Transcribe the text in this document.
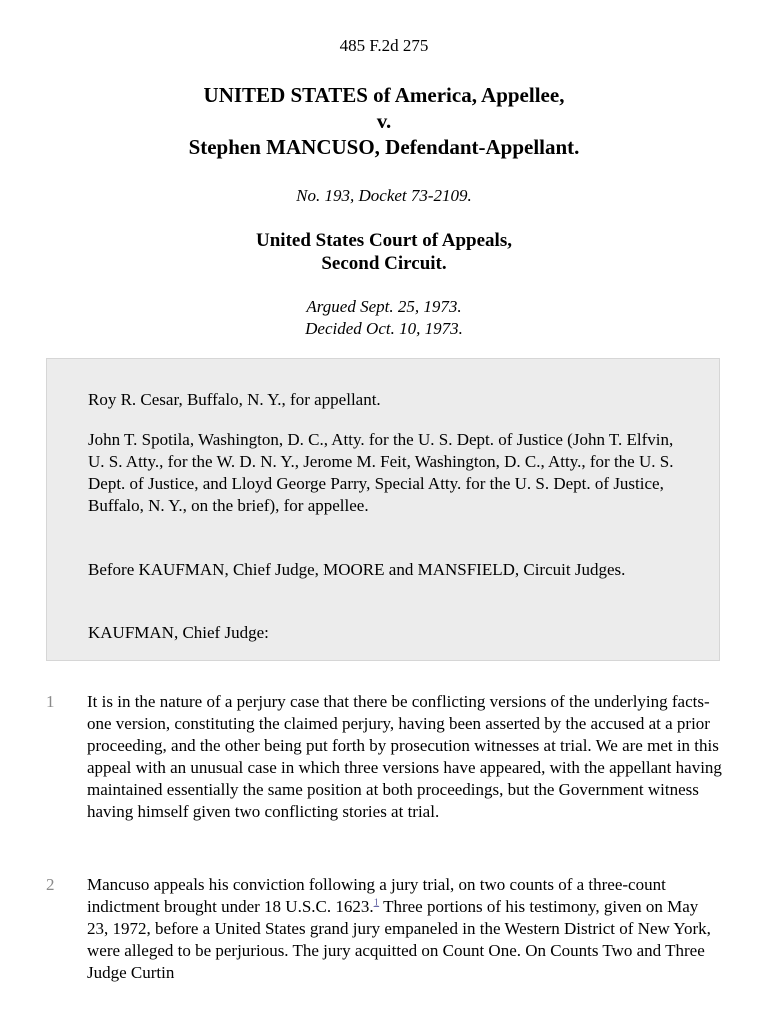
485 F.2d 275
UNITED STATES of America, Appellee,
v.
Stephen MANCUSO, Defendant-Appellant.
No. 193, Docket 73-2109.
United States Court of Appeals,
Second Circuit.
Argued Sept. 25, 1973.
Decided Oct. 10, 1973.

Roy R. Cesar, Buffalo, N. Y., for appellant.

John T. Spotila, Washington, D. C., Atty. for the U. S. Dept. of Justice (John T. Elfvin, U. S. Atty., for the W. D. N. Y., Jerome M. Feit, Washington, D. C., Atty., for the U. S. Dept. of Justice, and Lloyd George Parry, Special Atty. for the U. S. Dept. of Justice, Buffalo, N. Y., on the brief), for appellee.

Before KAUFMAN, Chief Judge, MOORE and MANSFIELD, Circuit Judges.

KAUFMAN, Chief Judge:

1 It is in the nature of a perjury case that there be conflicting versions of the underlying facts-one version, constituting the claimed perjury, having been asserted by the accused at a prior proceeding, and the other being put forth by prosecution witnesses at trial. We are met in this appeal with an unusual case in which three versions have appeared, with the appellant having maintained essentially the same position at both proceedings, but the Government witness having himself given two conflicting stories at trial.

2 Mancuso appeals his conviction following a jury trial, on two counts of a three-count indictment brought under 18 U.S.C. 1623.$^1$ Three portions of his testimony, given on May 23, 1972, before a United States grand jury empaneled in the Western District of New York, were alleged to be perjurious. The jury acquitted on Count One. On Counts Two and Three Judge Curtin
